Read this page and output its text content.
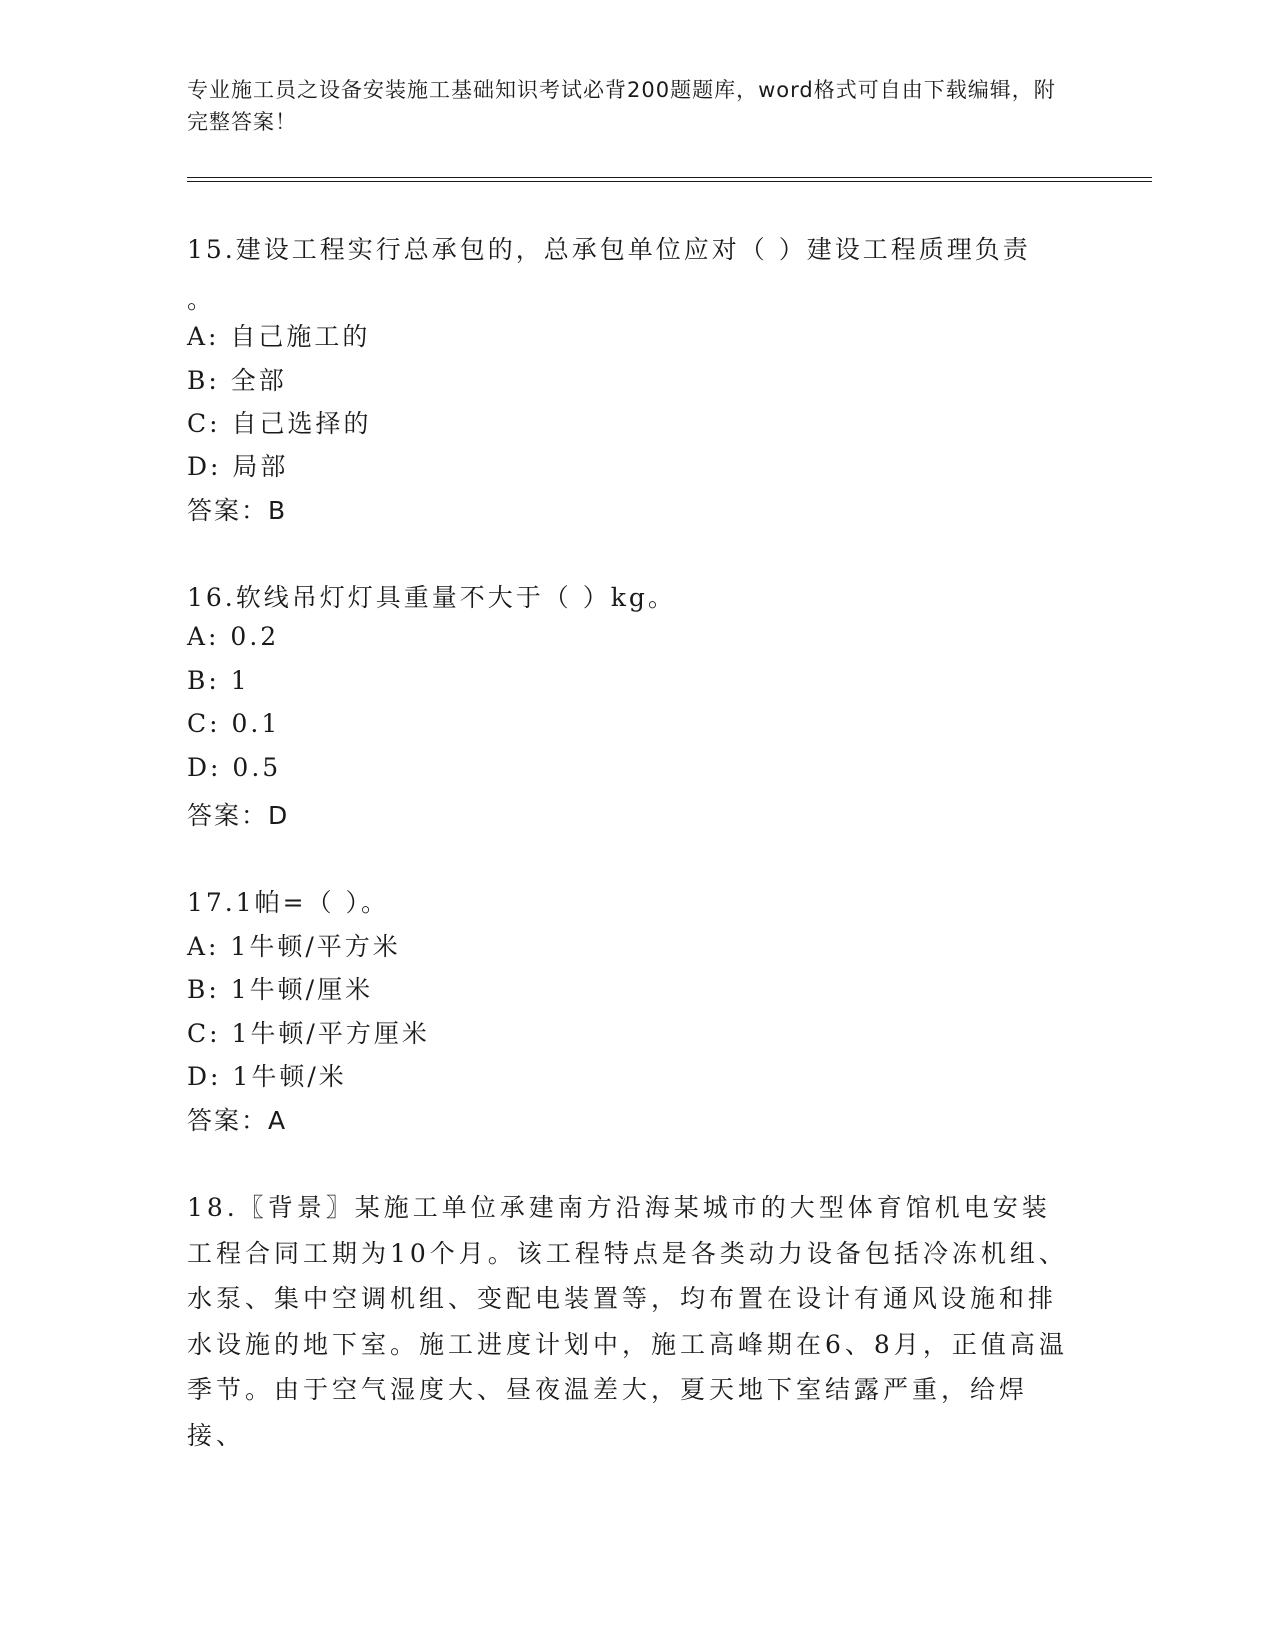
专业施工员之设备安装施工基础知识考试必背200题题库，word格式可自由下载编辑，附完整答案！
15.建设工程实行总承包的，总承包单位应对（ ）建设工程质理负责
。
A: 自己施工的
B: 全部
C: 自己选择的
D: 局部
答案：B
16.软线吊灯灯具重量不大于（ ）kg。
A: 0.2
B: 1
C: 0.1
D: 0.5
答案：D
17.1帕=（ ）。
A: 1牛顿/平方米
B: 1牛顿/厘米
C: 1牛顿/平方厘米
D: 1牛顿/米
答案：A
18.〖背景〗某施工单位承建南方沿海某城市的大型体育馆机电安装工程合同工期为10个月。该工程特点是各类动力设备包括冷冻机组、水泵、集中空调机组、变配电装置等，均布置在设计有通风设施和排水设施的地下室。施工进度计划中，施工高峰期在6、8月，正值高温季节。由于空气湿度大、昼夜温差大，夏天地下室结露严重，给焊接、
